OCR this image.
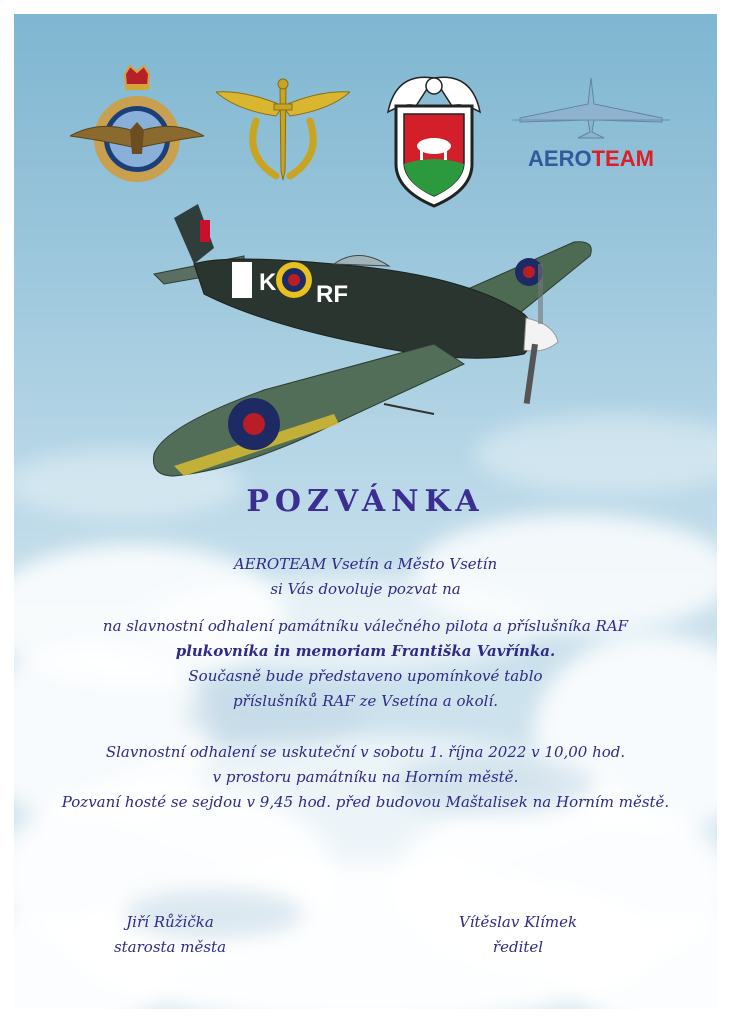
AEROTEAM
K RF
POZVÁNKA
AEROTEAM Vsetín a Město Vsetín
si Vás dovoluje pozvat na
na slavnostní odhalení památníku válečného pilota a příslušníka RAF
plukovníka in memoriam Františka Vavřínka.
Současně bude představeno upomínkové tablo
příslušníků RAF ze Vsetína a okolí.
Slavnostní odhalení se uskuteční v sobotu 1. října 2022 v 10,00 hod.
v prostoru památníku na Horním městě.
Pozvaní hosté se sejdou v 9,45 hod. před budovou Maštalisek na Horním městě.
Jiří Růžička
starosta města
Vítěslav Klímek
ředitel
